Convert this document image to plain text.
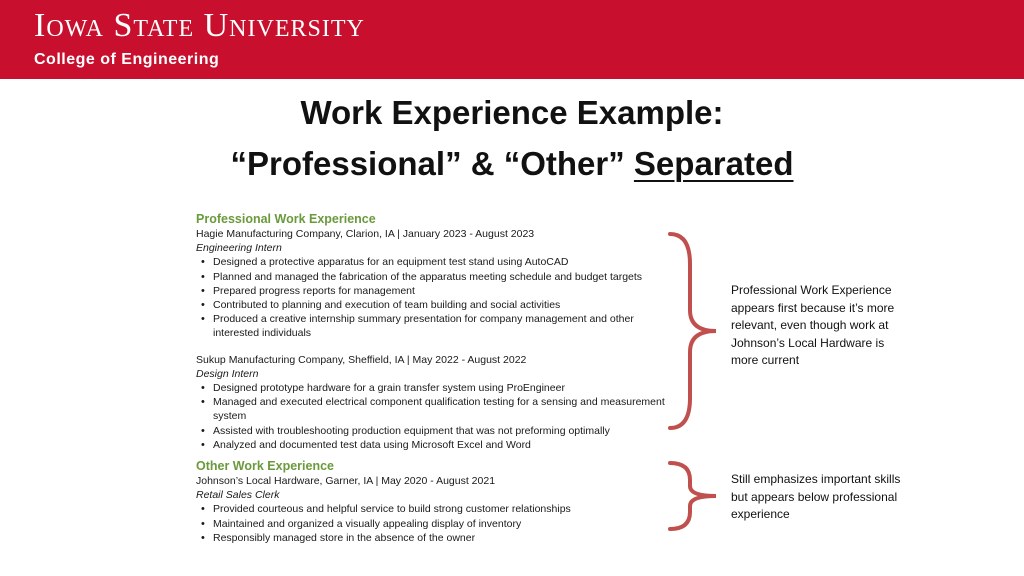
Iowa State University
College of Engineering
Work Experience Example:
“Professional” & “Other” Separated
Professional Work Experience
Hagie Manufacturing Company, Clarion, IA | January 2023 - August 2023
Engineering Intern
• Designed a protective apparatus for an equipment test stand using AutoCAD
• Planned and managed the fabrication of the apparatus meeting schedule and budget targets
• Prepared progress reports for management
• Contributed to planning and execution of team building and social activities
• Produced a creative internship summary presentation for company management and other interested individuals
Sukup Manufacturing Company, Sheffield, IA | May 2022 - August 2022
Design Intern
• Designed prototype hardware for a grain transfer system using ProEngineer
• Managed and executed electrical component qualification testing for a sensing and measurement system
• Assisted with troubleshooting production equipment that was not preforming optimally
• Analyzed and documented test data using Microsoft Excel and Word
Other Work Experience
Johnson’s Local Hardware, Garner, IA | May 2020 - August 2021
Retail Sales Clerk
• Provided courteous and helpful service to build strong customer relationships
• Maintained and organized a visually appealing display of inventory
• Responsibly managed store in the absence of the owner
Professional Work Experience appears first because it’s more relevant, even though work at Johnson’s Local Hardware is more current
Still emphasizes important skills but appears below professional experience
